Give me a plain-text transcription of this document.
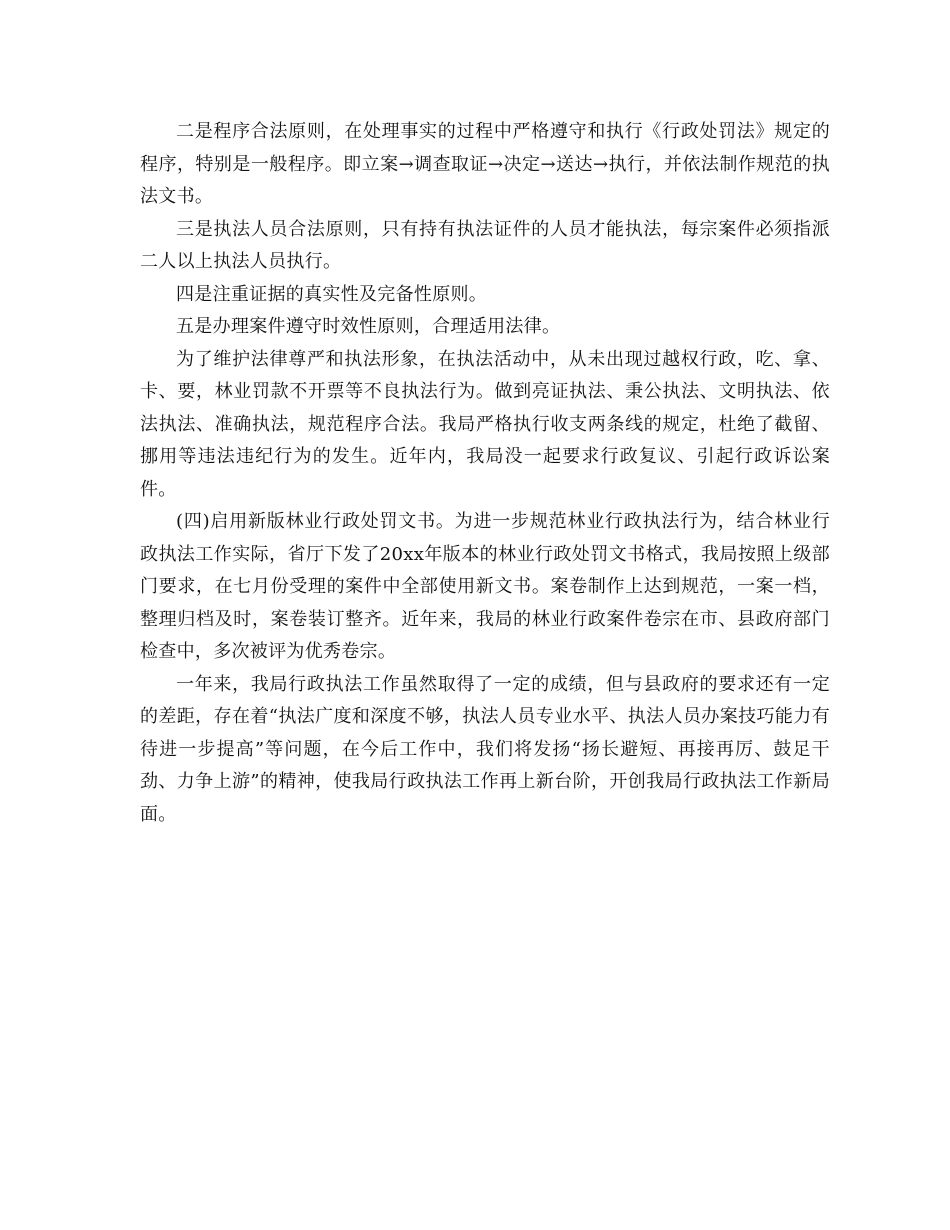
二是程序合法原则，在处理事实的过程中严格遵守和执行《行政处罚法》规定的程序，特别是一般程序。即立案→调查取证→决定→送达→执行，并依法制作规范的执法文书。

三是执法人员合法原则，只有持有执法证件的人员才能执法，每宗案件必须指派二人以上执法人员执行。

四是注重证据的真实性及完备性原则。

五是办理案件遵守时效性原则，合理适用法律。

为了维护法律尊严和执法形象，在执法活动中，从未出现过越权行政，吃、拿、卡、要，林业罚款不开票等不良执法行为。做到亮证执法、秉公执法、文明执法、依法执法、准确执法，规范程序合法。我局严格执行收支两条线的规定，杜绝了截留、挪用等违法违纪行为的发生。近年内，我局没一起要求行政复议、引起行政诉讼案件。

(四)启用新版林业行政处罚文书。为进一步规范林业行政执法行为，结合林业行政执法工作实际，省厅下发了20xx年版本的林业行政处罚文书格式，我局按照上级部门要求，在七月份受理的案件中全部使用新文书。案卷制作上达到规范，一案一档，整理归档及时，案卷装订整齐。近年来，我局的林业行政案件卷宗在市、县政府部门检查中，多次被评为优秀卷宗。

一年来，我局行政执法工作虽然取得了一定的成绩，但与县政府的要求还有一定的差距，存在着“执法广度和深度不够，执法人员专业水平、执法人员办案技巧能力有待进一步提高”等问题，在今后工作中，我们将发扬“扬长避短、再接再厉、鼓足干劲、力争上游”的精神，使我局行政执法工作再上新台阶，开创我局行政执法工作新局面。
